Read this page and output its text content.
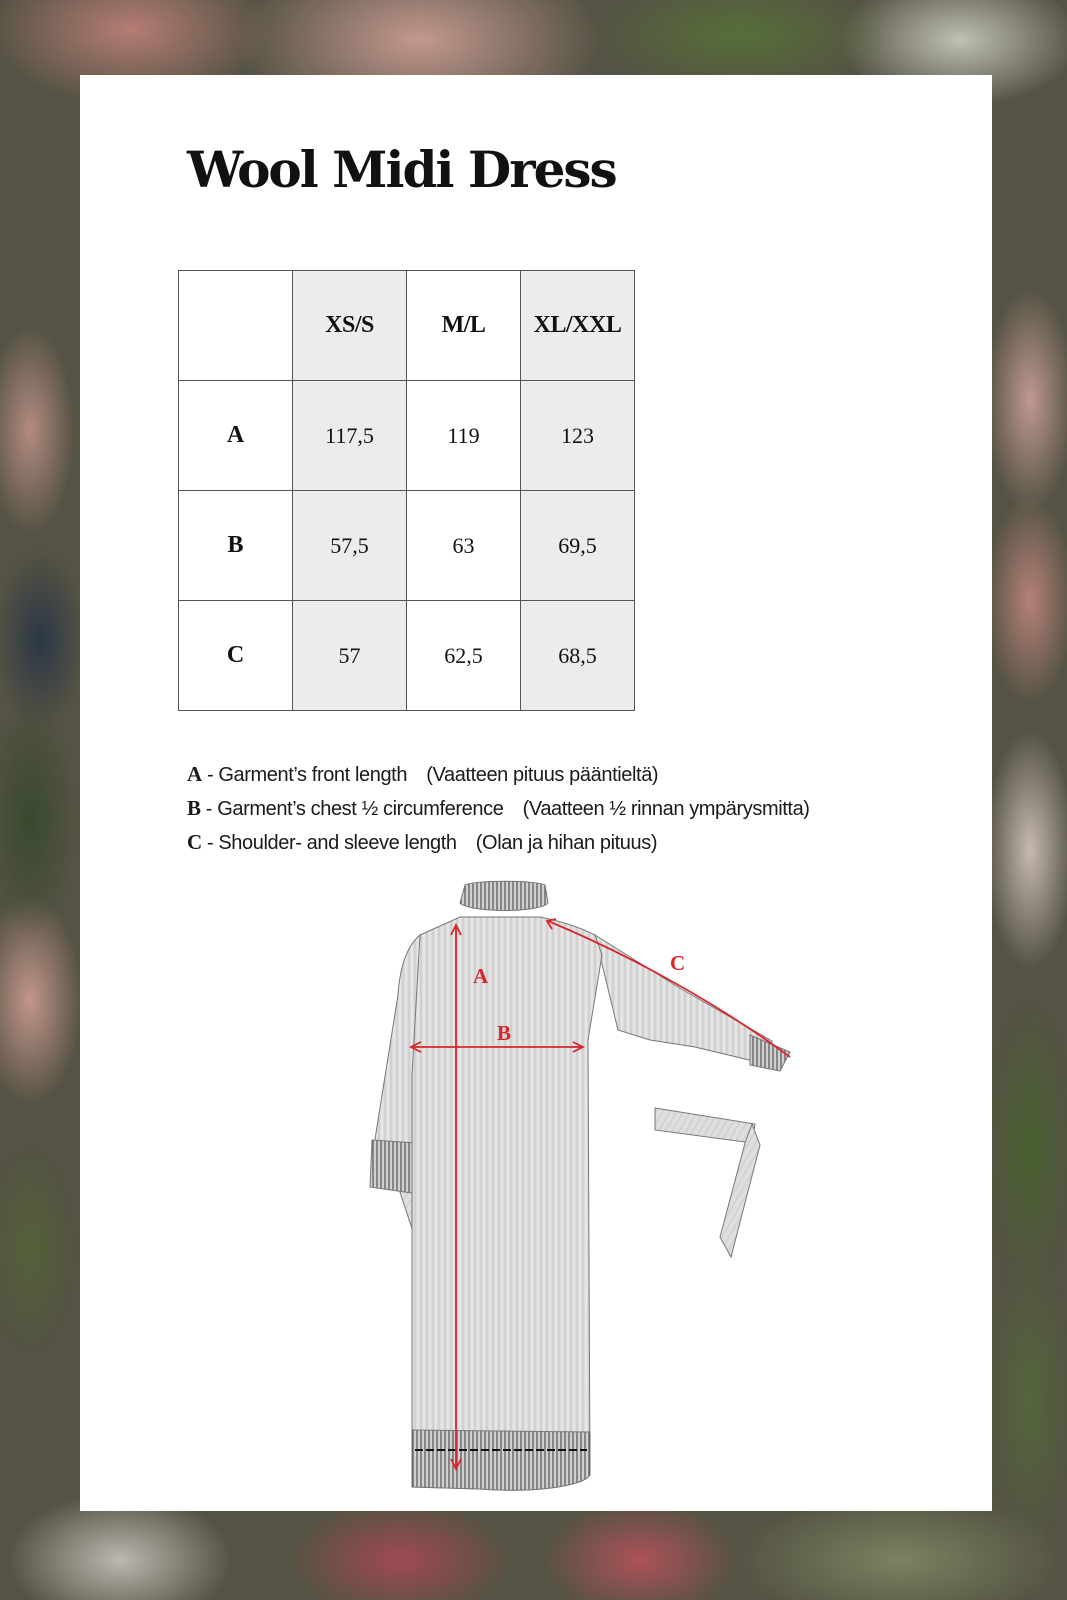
Wool Midi Dress
	XS/S	M/L	XL/XXL
A	117,5	119	123
B	57,5	63	69,5
C	57	62,5	68,5
A - Garment’s front length (Vaatteen pituus pääntieltä)
B - Garment’s chest ½ circumference (Vaatteen ½ rinnan ympärysmitta)
C - Shoulder- and sleeve length (Olan ja hihan pituus)
A
B
C
